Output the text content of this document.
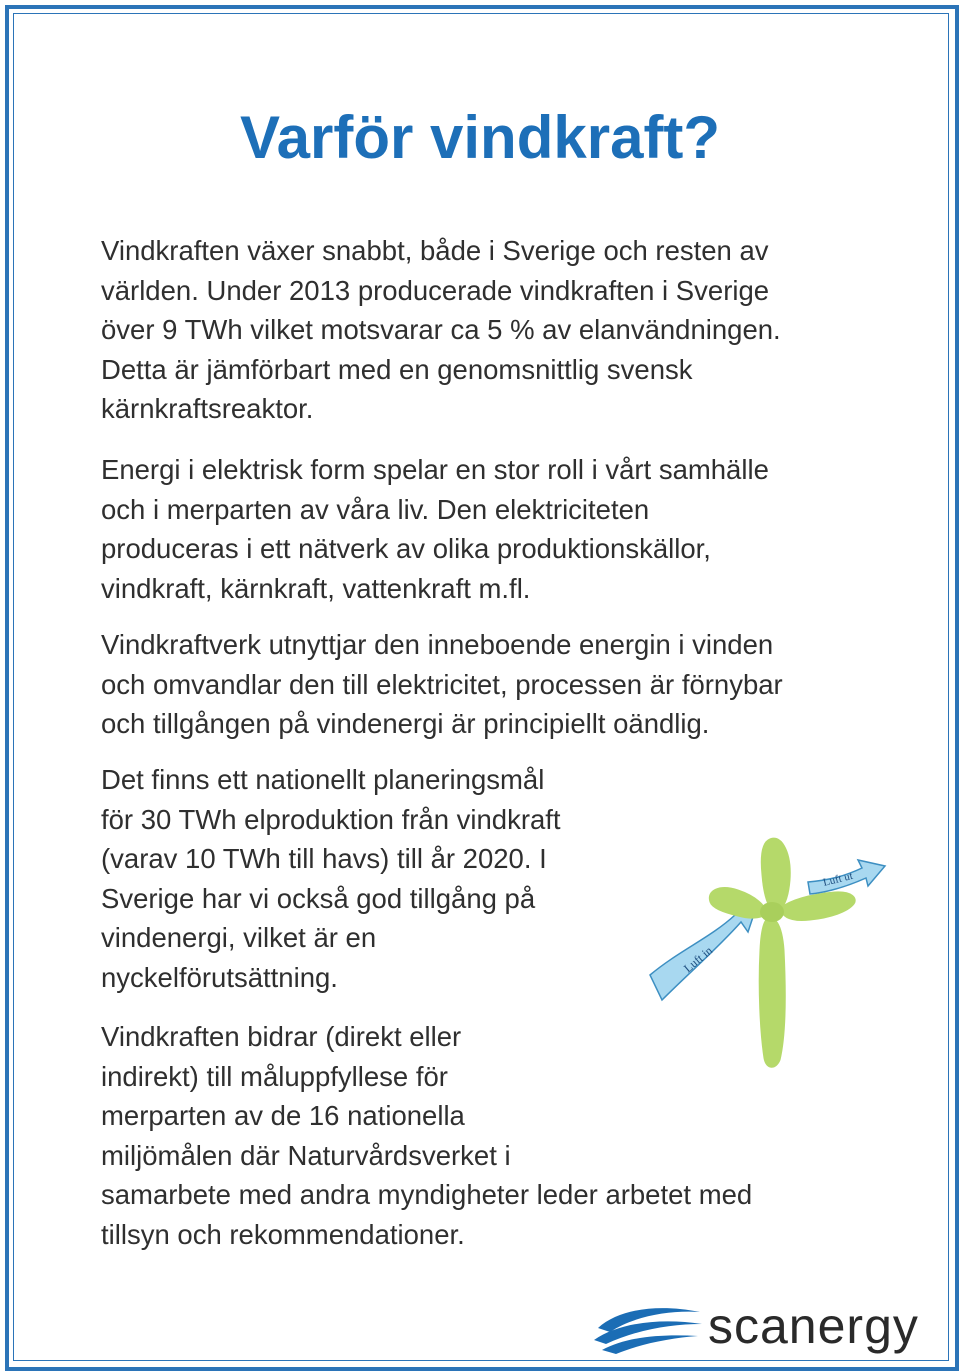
Varför vindkraft?
Vindkraften växer snabbt, både i Sverige och resten av
världen. Under 2013 producerade vindkraften i Sverige
över 9 TWh vilket motsvarar ca 5 % av elanvändningen.
Detta är jämförbart med en genomsnittlig svensk
kärnkraftsreaktor.
Energi i elektrisk form spelar en stor roll i vårt samhälle
och i merparten av våra liv. Den elektriciteten
produceras i ett nätverk av olika produktionskällor,
vindkraft, kärnkraft, vattenkraft m.fl.
Vindkraftverk utnyttjar den inneboende energin i vinden
och omvandlar den till elektricitet, processen är förnybar
och tillgången på vindenergi är principiellt oändlig.
Det finns ett nationellt planeringsmål
för 30 TWh elproduktion från vindkraft
(varav 10 TWh till havs) till år 2020. I
Sverige har vi också god tillgång på
vindenergi, vilket är en
nyckelförutsättning.
Vindkraften bidrar (direkt eller
indirekt) till måluppfyllese för
merparten av de 16 nationella
miljömålen där Naturvårdsverket i
samarbete med andra myndigheter leder arbetet med
tillsyn och rekommendationer.
Luft in
Luft ut
scanergy
